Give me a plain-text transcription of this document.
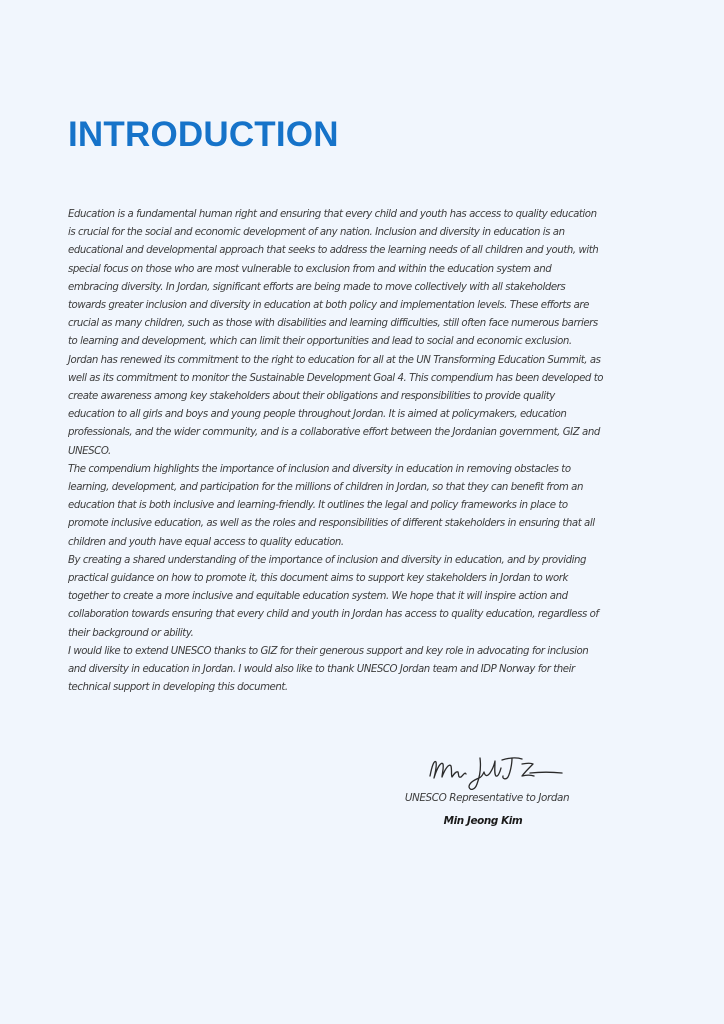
INTRODUCTION

Education is a fundamental human right and ensuring that every child and youth has access to quality education is crucial for the social and economic development of any nation. Inclusion and diversity in education is an educational and developmental approach that seeks to address the learning needs of all children and youth, with special focus on those who are most vulnerable to exclusion from and within the education system and embracing diversity. In Jordan, significant efforts are being made to move collectively with all stakeholders towards greater inclusion and diversity in education at both policy and implementation levels. These efforts are crucial as many children, such as those with disabilities and learning difficulties, still often face numerous barriers to learning and development, which can limit their opportunities and lead to social and economic exclusion.

Jordan has renewed its commitment to the right to education for all at the UN Transforming Education Summit, as well as its commitment to monitor the Sustainable Development Goal 4. This compendium has been developed to create awareness among key stakeholders about their obligations and responsibilities to provide quality education to all girls and boys and young people throughout Jordan. It is aimed at policymakers, education professionals, and the wider community, and is a collaborative effort between the Jordanian government, GIZ and UNESCO.

The compendium highlights the importance of inclusion and diversity in education in removing obstacles to learning, development, and participation for the millions of children in Jordan, so that they can benefit from an education that is both inclusive and learning-friendly. It outlines the legal and policy frameworks in place to promote inclusive education, as well as the roles and responsibilities of different stakeholders in ensuring that all children and youth have equal access to quality education.

By creating a shared understanding of the importance of inclusion and diversity in education, and by providing practical guidance on how to promote it, this document aims to support key stakeholders in Jordan to work together to create a more inclusive and equitable education system. We hope that it will inspire action and collaboration towards ensuring that every child and youth in Jordan has access to quality education, regardless of their background or ability.

I would like to extend UNESCO thanks to GIZ for their generous support and key role in advocating for inclusion and diversity in education in Jordan. I would also like to thank UNESCO Jordan team and IDP Norway for their technical support in developing this document.

MinJeongKim
UNESCO Representative to Jordan
Min Jeong Kim
